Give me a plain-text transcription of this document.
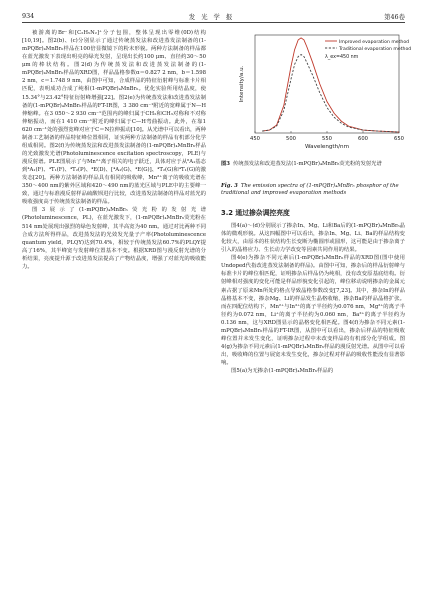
934	发光学报	第46卷

被游离的Br⁻和[C₂H₅N₂]⁺分子包围，整体呈现出零维(0D)结构[10,19]。图2(b)、(c)分别显示了通过传统蒸发法和改进蒸发法制备的(1-mPQBr)₄MnBr₆样品在100倍显微镜下的粉末形貌。两种方法制备的样品都在蓝光激发下表现出明亮的绿光发射，呈现出长约100 μm、直径约30～50 μm的棒状结构。图2(d)为传统蒸发法和改进蒸发法制备的(1-mPQBr)₄MnBr₆样品的XRD图，样品晶格参数α＝0.827 2 nm，b＝1.598 2 nm，c＝1.748 9 nm，由图中可知，合成样品的特征衍射峰与标准卡片相匹配，表明成功合成了纯相(1-mPQBr)₄MnBr₆。优化实验所用结晶度，使15.34°与23.42°特征衍射峰增强[22]。图2(e)为传统蒸发法和改进蒸发法制备的(1-mPQBr)₄MnBr₆样品的FT-IR图，3 380 cm⁻¹附近的宽峰属于N—H伸缩峰。在3 050～2 930 cm⁻¹范围内的峰归属于CH₂和CH₃对称和不对称伸缩振动，而在1 410 cm⁻¹附近的峰归属于C—H弯曲振动。此外，在靠1 620 cm⁻¹处的强烈宽峰对应于C＝N拉伸振动[10]。从光谱中可以看出，两种制备工艺制备的样品特征峰位置相同，证实两种方法制备的样品有机部分化学组成相同。图2(f)为传统蒸发法和改进蒸发法制备的(1-mPQBr)₄MnBr₆样品的光致激发光谱(Photoluminescence excitation spectroscopy，PLE)与漫反射谱。PLE图展示了与Mn²⁺离子相关的电子跃迁，具体对应于从⁶A₁基态到⁴A₁(F)、⁴T₁(F)、⁴T₂(P)、⁴E(D)、[⁴A₁(G)、⁴E(G)]、⁴T₂(G)和⁴T₁(G)的激发态[20]。两种方法制备的样品具有相同的吸收峰，Mn²⁺离子的吸收光谱在350～400 nm的紫外区域和420～490 nm的蓝光区域与PLE中的主要峰一致，通过与标准漫反射样品硫酸钡进行比较，改进蒸发法制备的样品对蓝光的吸收强度高于传统蒸发法制备的样品。

图3展示了(1-mPQBr)₄MnBr₆荧光粉的发射光谱(Photoluminescence，PL)，在蓝光激发下，(1-mPQBr)₄MnBr₆荧光粉在514 nm处展现出强烈的绿色发射峰，其半高宽为40 nm。通过对比两种不同合成方法所得样品，改进蒸发法的光效发光量子产率(Photoluminescence quantum yield，PLQY)达到70.4%，相较于传统蒸发法60.7%的PLQY提高了16%，其半峰宽与发射峰位置基本不变。根据XRD图与漫反射光谱的分析结果，亮度提升源于改进蒸发法提高了产物结晶度，增强了对蓝光的吸收能力。

450	500	550	600	650
Wavelength/nm
Intensity/a.u.
Improved evaporation method
Traditional evaporation method
λ_ex=450 nm
图3 传统蒸发法和改进蒸发法(1-mPQBr)₄MnBr₆荧光粉的发射光谱
Fig. 3 The emission spectra of (1-mPQBr)₄MnBr₆ phosphor of the traditional and improved evaporation methods
3.2 通过掺杂调控亮度

图4(a)～(d)分别展示了掺杂In、Mg、Li和Ba后的(1-mPQBr)₄MnBr₆晶体的微观形貌。从这四幅图中可以看出，掺杂In、Mg、Li、Ba的样品结构变化较大，由原本的柱状结构生长变断为椭圆形或圆形，这可能是由于掺杂离子引入的晶格应力、生长动力学改变等因素共同作用的结果。

图4(e)为掺杂不同元素后(1-mPQBr)₄MnBr₆样品的XRD图(图中使用Undoped代指改进蒸发法制备的样品)。由图中可知，掺杂后的样品衍射峰与标准卡片的峰位相匹配，证明掺杂后样品仍为纯相，没有改变原基底结构。衍射峰相对强度的变化可能是样品形貌变化引起的，峰位移动说明掺杂的金属元素占据了原来Mn所处的格点导致晶格参数改变[7,23]。其中，掺杂In的样品晶格基本不变，掺杂Mg、Li的样品发生晶格收缩，掺杂Ba的样品晶格扩张。而在四配位结构下，Mn²⁺与In³⁺的离子半径约为0.076 nm，Mg²⁺的离子半径约为0.072 nm，Li⁺的离子半径约为0.060 nm，Ba²⁺的离子半径约为0.136 nm，这与XRD图显示的晶格变化相匹配。图4(f)为掺杂不同元素(1-mPQBr)₄MnBr₆样品的FT-IR图，从图中可以看出，掺杂后样品的特征吸收峰位置并未发生变化，证明掺杂过程中未改变样品的有机部分化学组成。图4(g)为掺杂不同元素后(1-mPQBr)₄MnBr₆样品的漫反射光谱。从图中可以看出，吸收峰的位置与展宽未发生变化，掺杂过程对样品的吸收性能没有显著影响。

图5(a)为无掺杂(1-mPQBr)₄MnBr₆样品的
